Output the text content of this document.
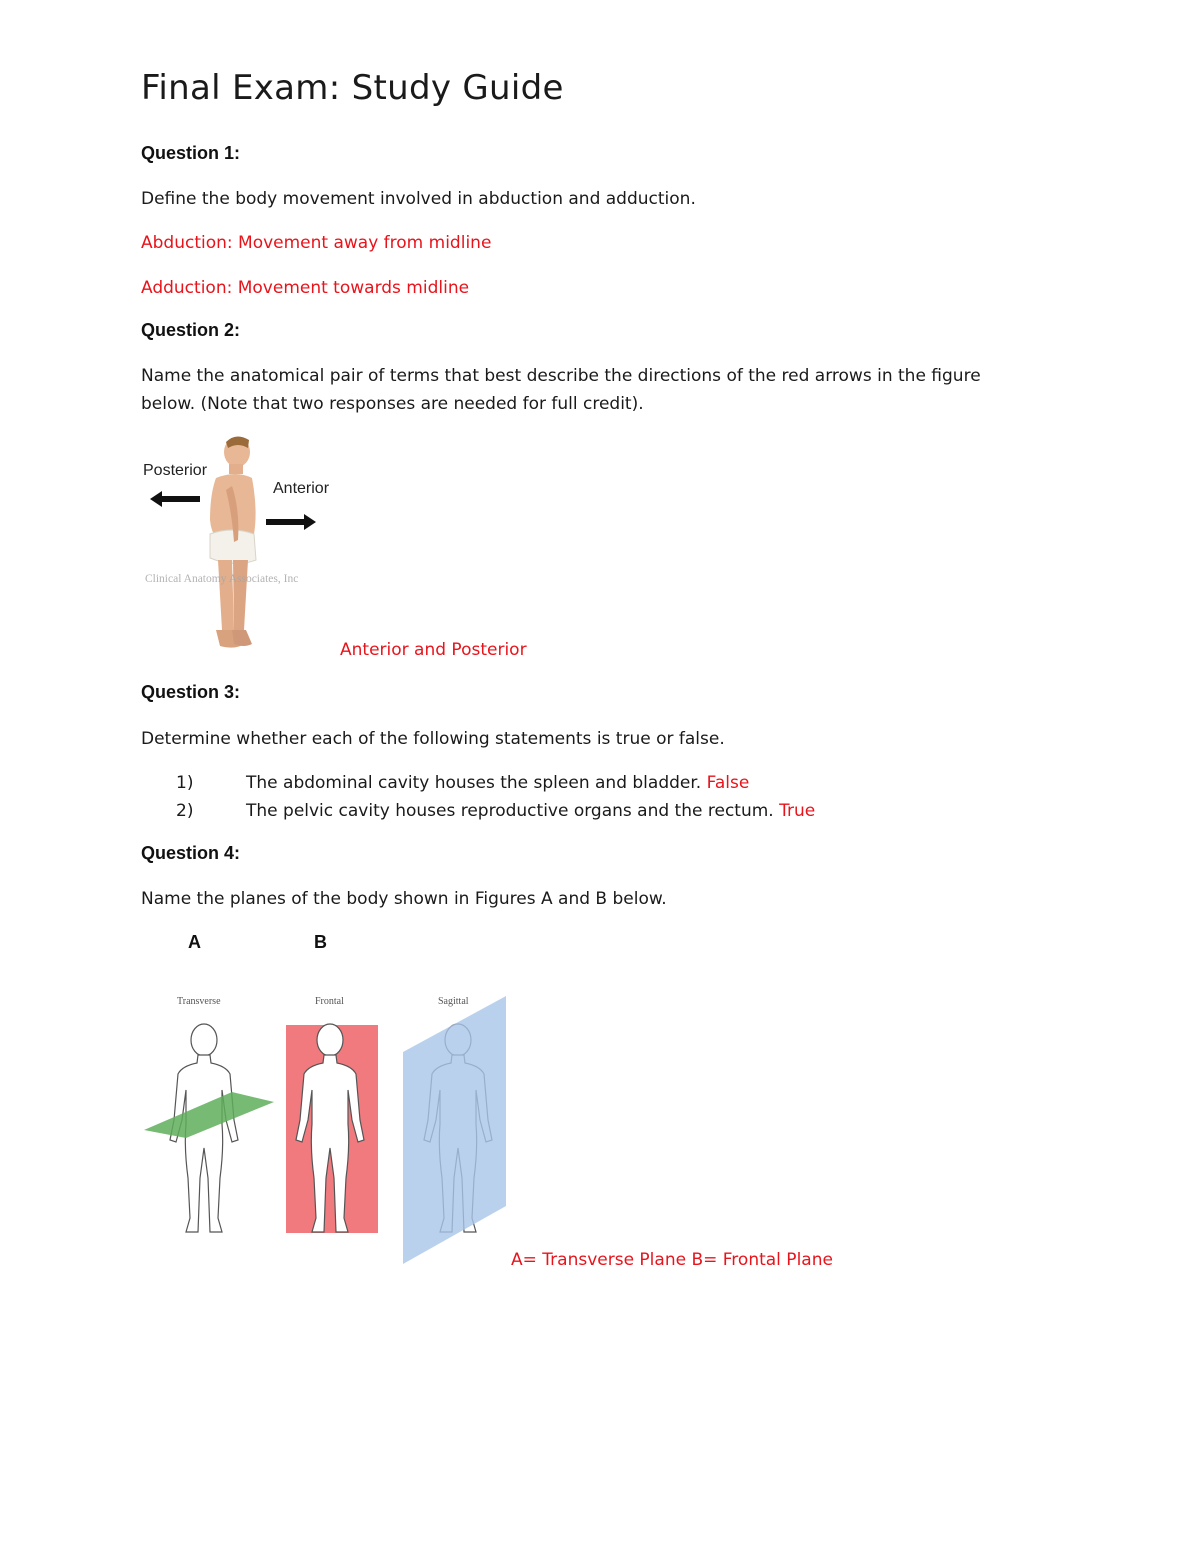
Final Exam: Study Guide
Question 1:
Define the body movement involved in abduction and adduction.
Abduction: Movement away from midline
Adduction: Movement towards midline
Question 2:
Name the anatomical pair of terms that best describe the directions of the red arrows in the figure
below. (Note that two responses are needed for full credit).
Posterior
Anterior
Clinical Anatomy Associates, Inc
Anterior and Posterior
Question 3:
Determine whether each of the following statements is true or false.
1)	The abdominal cavity houses the spleen and bladder. False
2)	The pelvic cavity houses reproductive organs and the rectum. True
Question 4:
Name the planes of the body shown in Figures A and B below.
A	B
Transverse	Frontal	Sagittal
A= Transverse Plane B= Frontal Plane
